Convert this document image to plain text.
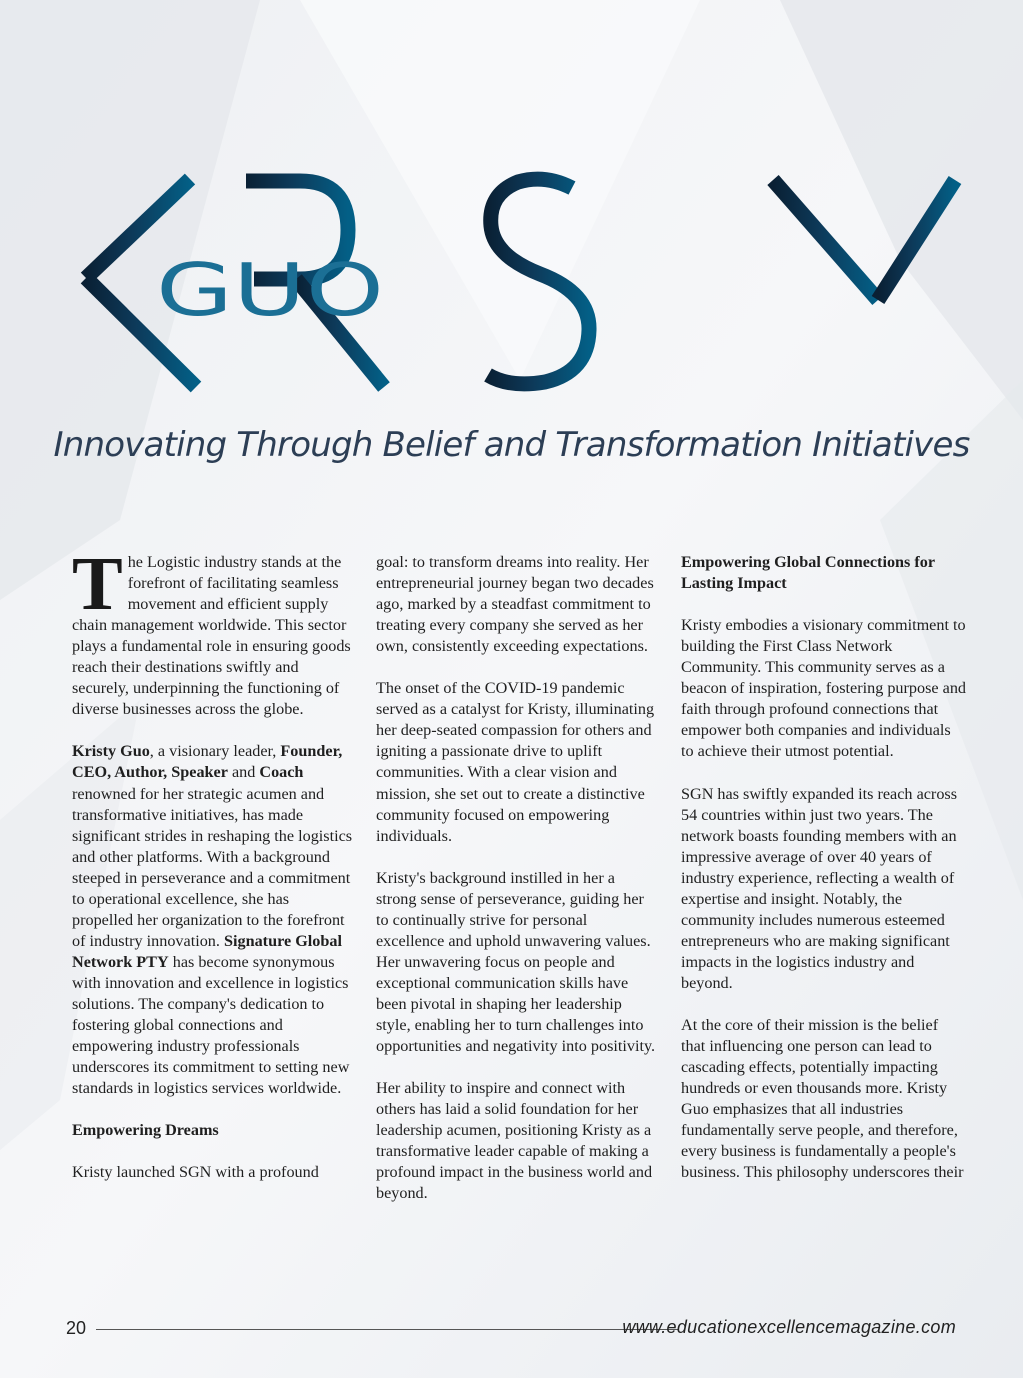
GUO
Innovating Through Belief and Transformation Initiatives

The Logistic industry stands at the forefront of facilitating seamless movement and efficient supply chain management worldwide. This sector plays a fundamental role in ensuring goods reach their destinations swiftly and securely, underpinning the functioning of diverse businesses across the globe.

Kristy Guo, a visionary leader, Founder, CEO, Author, Speaker and Coach renowned for her strategic acumen and transformative initiatives, has made significant strides in reshaping the logistics and other platforms. With a background steeped in perseverance and a commitment to operational excellence, she has propelled her organization to the forefront of industry innovation. Signature Global Network PTY has become synonymous with innovation and excellence in logistics solutions. The company's dedication to fostering global connections and empowering industry professionals underscores its commitment to setting new standards in logistics services worldwide.

Empowering Dreams

Kristy launched SGN with a profound

goal: to transform dreams into reality. Her entrepreneurial journey began two decades ago, marked by a steadfast commitment to treating every company she served as her own, consistently exceeding expectations.

The onset of the COVID-19 pandemic served as a catalyst for Kristy, illuminating her deep-seated compassion for others and igniting a passionate drive to uplift communities. With a clear vision and mission, she set out to create a distinctive community focused on empowering individuals.

Kristy's background instilled in her a strong sense of perseverance, guiding her to continually strive for personal excellence and uphold unwavering values. Her unwavering focus on people and exceptional communication skills have been pivotal in shaping her leadership style, enabling her to turn challenges into opportunities and negativity into positivity.

Her ability to inspire and connect with others has laid a solid foundation for her leadership acumen, positioning Kristy as a transformative leader capable of making a profound impact in the business world and beyond.

Empowering Global Connections for Lasting Impact

Kristy embodies a visionary commitment to building the First Class Network Community. This community serves as a beacon of inspiration, fostering purpose and faith through profound connections that empower both companies and individuals to achieve their utmost potential.

SGN has swiftly expanded its reach across 54 countries within just two years. The network boasts founding members with an impressive average of over 40 years of industry experience, reflecting a wealth of expertise and insight. Notably, the community includes numerous esteemed entrepreneurs who are making significant impacts in the logistics industry and beyond.

At the core of their mission is the belief that influencing one person can lead to cascading effects, potentially impacting hundreds or even thousands more. Kristy Guo emphasizes that all industries fundamentally serve people, and therefore, every business is fundamentally a people's business. This philosophy underscores their

20	www.educationexcellencemagazine.com
